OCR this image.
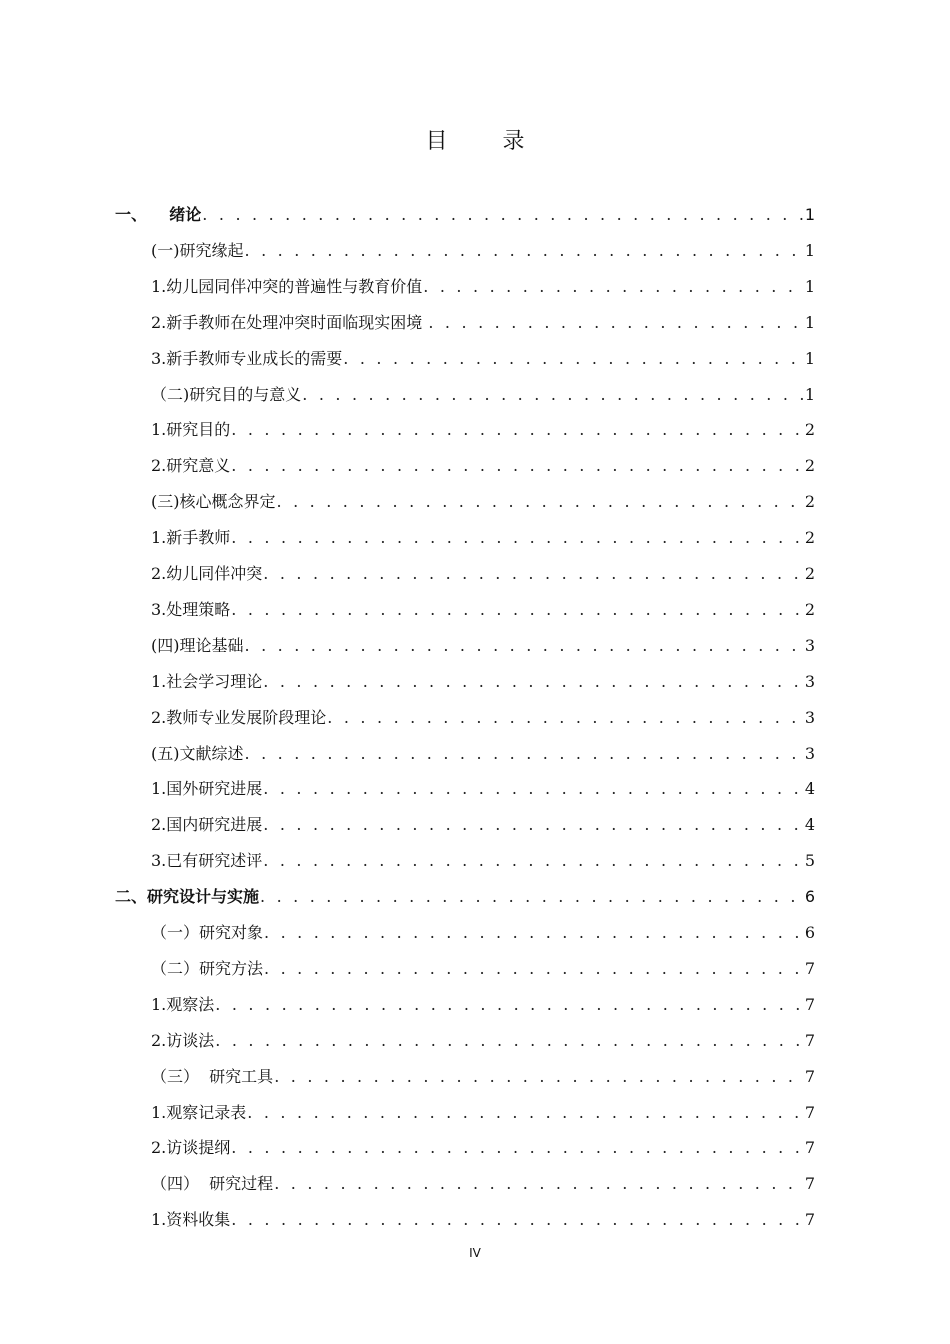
目 录
一、    绪论 . . .	1
(一)研究缘起 . . .	1
1.幼儿园同伴冲突的普遍性与教育价值 . . .	1
2.新手教师在处理冲突时面临现实困境 . . .	1
3.新手教师专业成长的需要 . . .	1
（二)研究目的与意义 . . .	1
1.研究目的 . . .	2
2.研究意义 . . .	2
(三)核心概念界定 . . .	2
1.新手教师 . . .	2
2.幼儿同伴冲突 . . .	2
3.处理策略 . . .	2
(四)理论基础 . . .	3
1.社会学习理论 . . .	3
2.教师专业发展阶段理论 . . .	3
(五)文献综述 . . .	3
1.国外研究进展 . . .	4
2.国内研究进展 . . .	4
3.已有研究述评 . . .	5
二、研究设计与实施 . . .	6
（一）研究对象 . . .	6
（二）研究方法 . . .	7
1.观察法 . . .	7
2.访谈法 . . .	7
（三）  研究工具 . . .	7
1.观察记录表 . . .	7
2.访谈提纲 . . .	7
（四）  研究过程 . . .	7
1.资料收集 . . .	7
IV
